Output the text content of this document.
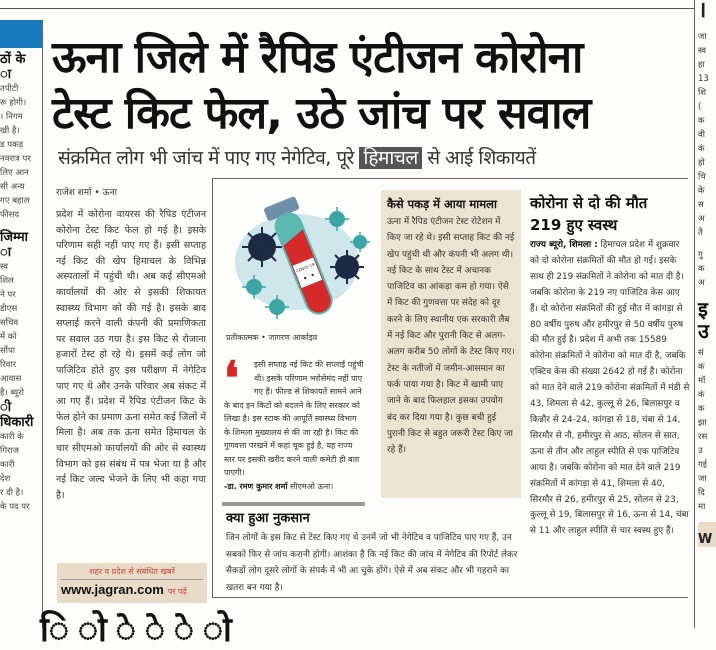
ठों के
ा
तपीटी
रू होगी।
। निगम
खी है।
ड पकड़
नवरात्र पर
लिए आन
सी अन्य
गए बहाल
फीसद
जिम्मा
ा
स्व
शिल
ने पर
डीएस
सचिव
में को
सौंपा
रिवार
आवास
है। ब्यूरो
ी
धिकारी
कारी के
गिराज
कारी
देश
र दी है।
के पद पर
।
जा
स्व
हा
13
शि
(
क
वी
कं
हो
चि
के
स
अ
तै
गु
क
अ
इ
उ
सं
क
मॉ
कं
क
झा
रस
उ
गई
जा
दि
मा
W
ऊना जिले में रैपिड एंटीजन कोरोना
टेस्ट किट फेल, उठे जांच पर सवाल
संक्रमित लोग भी जांच में पाए गए नेगेटिव, पूरे हिमाचल से आई शिकायतें
राजेश शर्मा • ऊना
प्रदेश में कोरोना वायरस की रैपिड एंटीजन कोरोना टेस्ट किट फेल हो गई है। इसके परिणाम सही नहीं पाए गए हैं। इसी सप्ताह नई किट की खेप हिमाचल के विभिन्न अस्पतालों में पहुंची थी। अब कई सीएमओ कार्यालयों की ओर से इसकी शिकायत स्वास्थ्य विभाग को की गई है। इसके बाद सप्लाई करने वाली कंपनी की प्रमाणिकता पर सवाल उठ गया है। इस किट से रोजाना हजारों टेस्ट हो रहे थे। इसमें कई लोग जो पाजिटिव होते हुए इस परीक्षण में नेगेटिव पाए गए थे और उनके परिवार अब संकट में आ गए हैं। प्रदेश में रैपिड एंटीजन किट के फेल होने का प्रमाण ऊना समेत कई जिलों में मिला है। अब तक ऊना समेत हिमाचल के चार सीएमओ कार्यालयों की ओर से स्वास्थ्य विभाग को इस संबंध में पत्र भेजा या है और नई किट जल्द भेजने के लिए भी कहा गया है।
शहर व प्रदेश से संबंधित खबरें
www.jagran.com पर पढ़ें
COVID-19
प्रतीकात्मक • जागरण आर्काइव
❛	इसी सप्ताह नई किट की सप्लाई पहुंची थी। इसके परिणाम भरोसेमंद नहीं पाए गए हैं। फील्ड से शिकायतें सामने आने के बाद इन किटों को बदलने के लिए सरकार को लिखा है। इस स्टाक की आपूर्ति स्वास्थ्य विभाग के शिमला मुख्यालय से की जा रही है। किट की गुणवत्ता परखने में कहां चूक हुई है, यह राज्य स्तर पर इसकी खरीद करने वाली कमेटी ही बता पाएगी।
-डा. रमण कुमार शर्मा सीएमओ ऊना।
कैसे पकड़ में आया मामला
ऊना में रैपिड एंटीजन टेस्ट रोटेशन में किए जा रहे थे। इसी सप्ताह किट की नई खेप पहुंची थी और कंपनी भी अलग थी। नई किट के साथ टेस्ट में अचानक पाजिटिव का आंकड़ा कम हो गया। ऐसे में किट की गुणवत्ता पर संदेह को दूर करने के लिए स्थानीय एक सरकारी लैब में नई किट और पुरानी किट से अलग-अलग करीब 50 लोगों के टेस्ट किए गए। टेस्ट के नतीजों में जमीन-आसमान का फर्क पाया गया है। किट में खामी पाए जाने के बाद फिलहाल इसका उपयोग बंद कर दिया गया है। कुछ बची हुई पुरानी किट से बहुत जरूरी टेस्ट किए जा रहे हैं।
क्या हुआ नुकसान
जिन लोगों के इस किट से टेस्ट किए गए थे उनमें जो भी नेगेटिव व पाजिटिव पाए गए हैं, उन सबको फिर से जांच करानी होगी। आशंका है कि नई किट की जांच में नेगेटिव की रिपोर्ट लेकर सैकड़ों लोग दूसरे लोगों के संपर्क में भी आ चुके होंगे। ऐसे में अब संकट और भी गहराने का खतरा बन गया है।
कोरोना से दो की मौत
219 हुए स्वस्थ
राज्य ब्यूरो, शिमला : हिमाचल प्रदेश में शुक्रवार को दो कोरोना संक्रमितों की मौत हो गई। इसके साथ ही 219 संक्रमितों ने कोरोना को मात दी है। जबकि कोरोना के 219 नए पाजिटिव केस आए हैं। दो कोरोना संक्रमितों की हुई मौत में कांगड़ा से 80 वर्षीय पुरुष और हमीरपुर से 50 वर्षीय पुरुष की मौत हुई है। प्रदेश में अभी तक 15589 कोरोना संक्रमितों ने कोरोना को मात दी है, जबकि एक्टिव केस की संख्या 2642 हो गई है। कोरोना को मात देने वाले 219 कोरोना संक्रमितों में मंडी से 43, शिमला से 42, कुल्लू से 26, बिलासपुर व किन्नौर से 24-24, कांगड़ा से 18, चंबा से 14, सिरमौर से नौ, हमीरपुर से आठ, सोलन से सात, ऊना से तीन और लाहुल स्पीति से एक पाजिटिव आया है। जबकि कोरोना को मात देने वाले 219 संक्रमितों में कांगड़ा से 41, शिमला से 40, सिरमौर से 26, हमीरपुर से 25, सोलन से 23, कुल्लू से 19, बिलासपुर से 16, ऊना से 14, चंबा से 11 और लाहुल स्पीति से चार स्वस्थ हुए हैं।
ि ो े े े ो
